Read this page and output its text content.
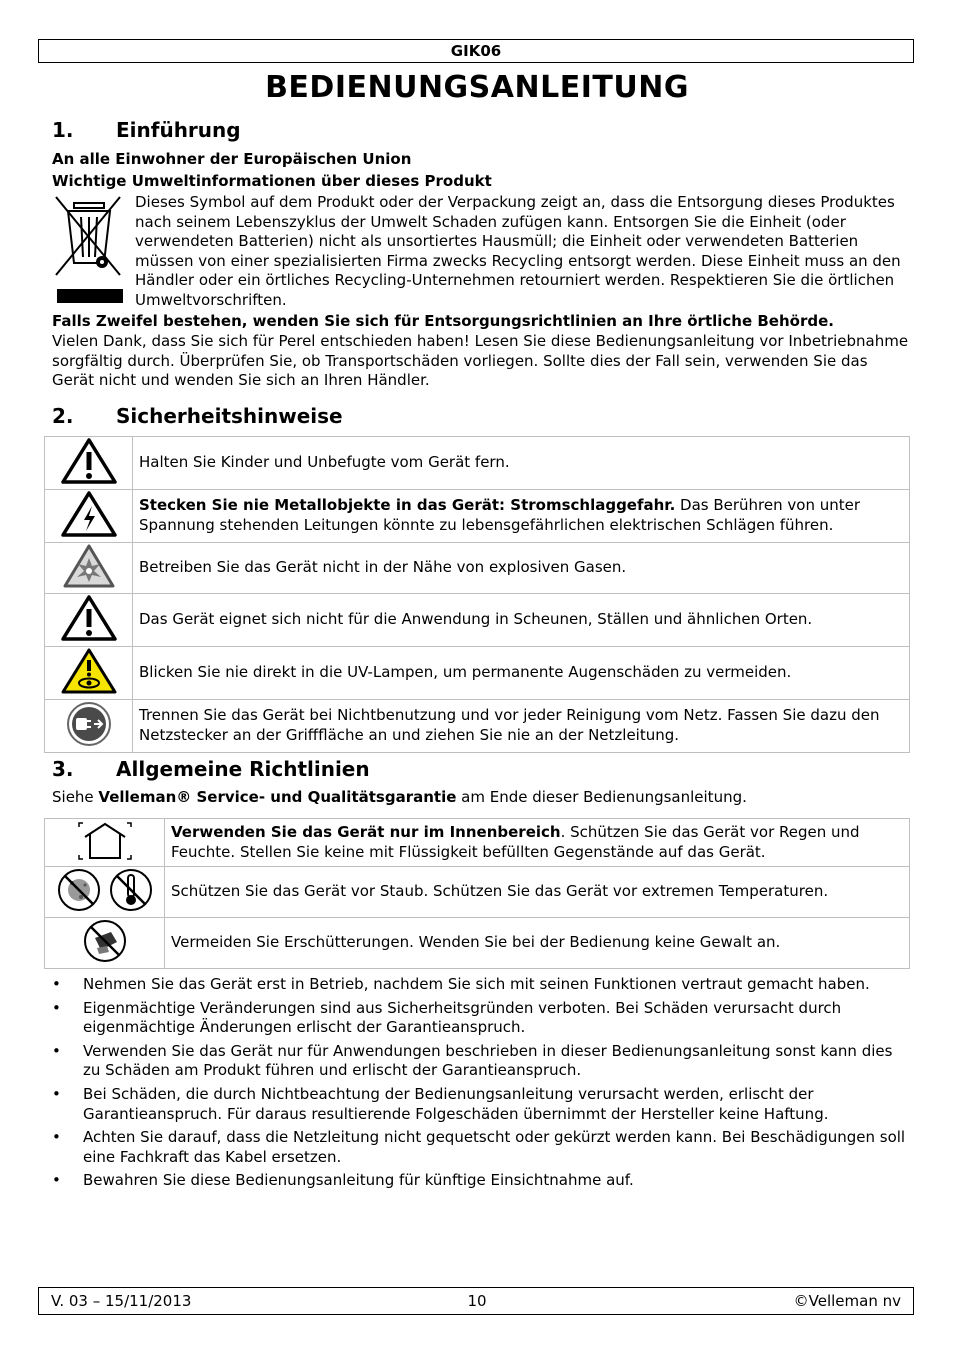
GIK06
BEDIENUNGSANLEITUNG
1. Einführung
An alle Einwohner der Europäischen Union
Wichtige Umweltinformationen über dieses Produkt
Dieses Symbol auf dem Produkt oder der Verpackung zeigt an, dass die Entsorgung dieses Produktes nach seinem Lebenszyklus der Umwelt Schaden zufügen kann. Entsorgen Sie die Einheit (oder verwendeten Batterien) nicht als unsortiertes Hausmüll; die Einheit oder verwendeten Batterien müssen von einer spezialisierten Firma zwecks Recycling entsorgt werden. Diese Einheit muss an den Händler oder ein örtliches Recycling-Unternehmen retourniert werden. Respektieren Sie die örtlichen Umweltvorschriften.
Falls Zweifel bestehen, wenden Sie sich für Entsorgungsrichtlinien an Ihre örtliche Behörde.
Vielen Dank, dass Sie sich für Perel entschieden haben! Lesen Sie diese Bedienungsanleitung vor Inbetriebnahme sorgfältig durch. Überprüfen Sie, ob Transportschäden vorliegen. Sollte dies der Fall sein, verwenden Sie das Gerät nicht und wenden Sie sich an Ihren Händler.
2. Sicherheitshinweise
	Halten Sie Kinder und Unbefugte vom Gerät fern.
	Stecken Sie nie Metallobjekte in das Gerät: Stromschlaggefahr. Das Berühren von unter Spannung stehenden Leitungen könnte zu lebensgefährlichen elektrischen Schlägen führen.
	Betreiben Sie das Gerät nicht in der Nähe von explosiven Gasen.
	Das Gerät eignet sich nicht für die Anwendung in Scheunen, Ställen und ähnlichen Orten.
	Blicken Sie nie direkt in die UV-Lampen, um permanente Augenschäden zu vermeiden.
	Trennen Sie das Gerät bei Nichtbenutzung und vor jeder Reinigung vom Netz. Fassen Sie dazu den Netzstecker an der Grifffläche an und ziehen Sie nie an der Netzleitung.
3. Allgemeine Richtlinien
Siehe Velleman® Service- und Qualitätsgarantie am Ende dieser Bedienungsanleitung.
	Verwenden Sie das Gerät nur im Innenbereich. Schützen Sie das Gerät vor Regen und Feuchte. Stellen Sie keine mit Flüssigkeit befüllten Gegenstände auf das Gerät.
	Schützen Sie das Gerät vor Staub. Schützen Sie das Gerät vor extremen Temperaturen.
	Vermeiden Sie Erschütterungen. Wenden Sie bei der Bedienung keine Gewalt an.
• Nehmen Sie das Gerät erst in Betrieb, nachdem Sie sich mit seinen Funktionen vertraut gemacht haben.
• Eigenmächtige Veränderungen sind aus Sicherheitsgründen verboten. Bei Schäden verursacht durch eigenmächtige Änderungen erlischt der Garantieanspruch.
• Verwenden Sie das Gerät nur für Anwendungen beschrieben in dieser Bedienungsanleitung sonst kann dies zu Schäden am Produkt führen und erlischt der Garantieanspruch.
• Bei Schäden, die durch Nichtbeachtung der Bedienungsanleitung verursacht werden, erlischt der Garantieanspruch. Für daraus resultierende Folgeschäden übernimmt der Hersteller keine Haftung.
• Achten Sie darauf, dass die Netzleitung nicht gequetscht oder gekürzt werden kann. Bei Beschädigungen soll eine Fachkraft das Kabel ersetzen.
• Bewahren Sie diese Bedienungsanleitung für künftige Einsichtnahme auf.
V. 03 – 15/11/2013	10	©Velleman nv
